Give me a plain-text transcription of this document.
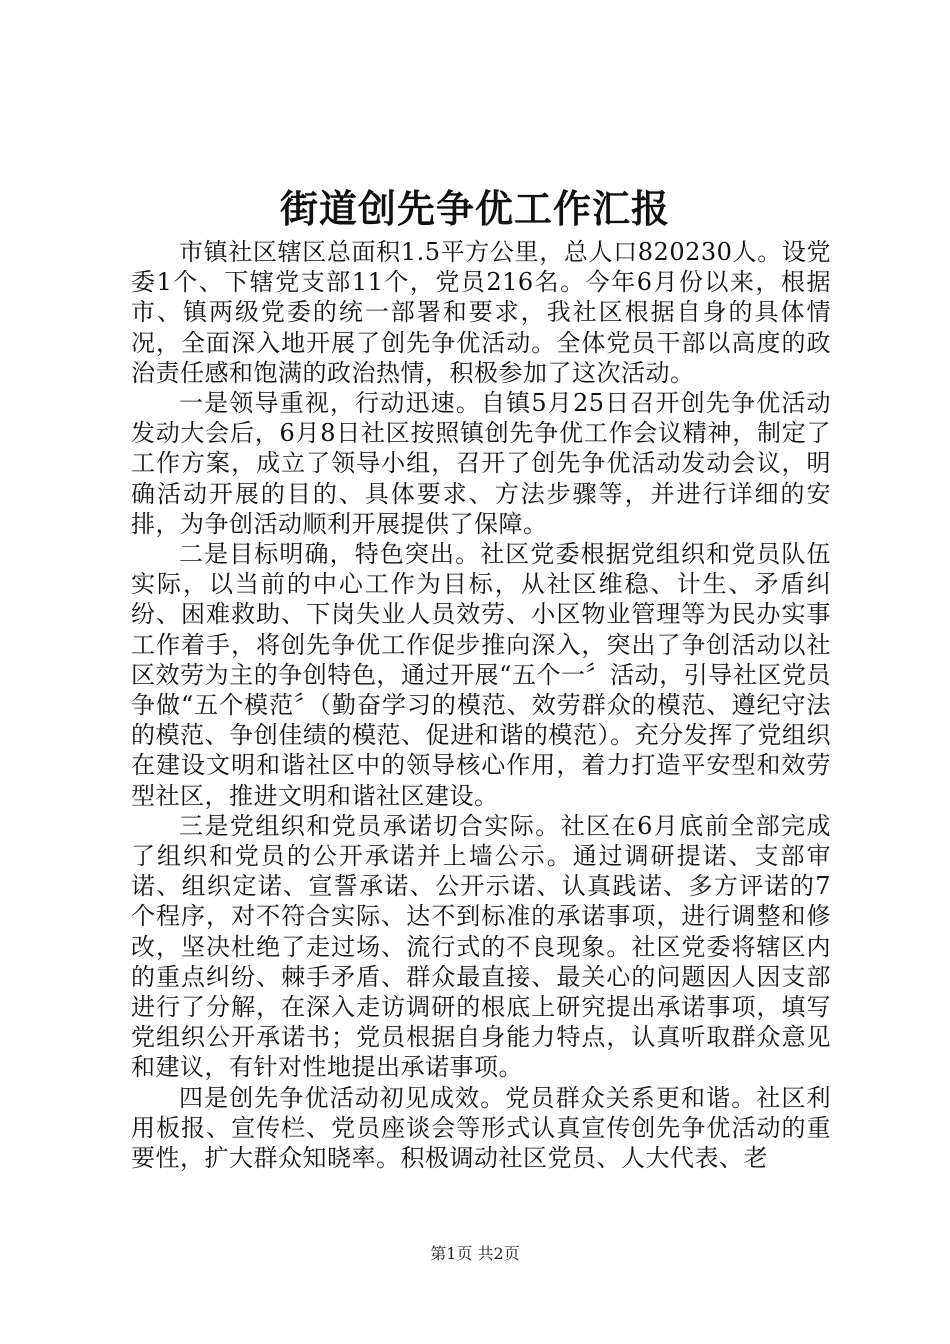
街道创先争优工作汇报

市镇社区辖区总面积1.5平方公里，总人口820230人。设党委1个、下辖党支部11个，党员216名。今年6月份以来，根据市、镇两级党委的统一部署和要求，我社区根据自身的具体情况，全面深入地开展了创先争优活动。全体党员干部以高度的政治责任感和饱满的政治热情，积极参加了这次活动。

一是领导重视，行动迅速。自镇5月25日召开创先争优活动发动大会后，6月8日社区按照镇创先争优工作会议精神，制定了工作方案，成立了领导小组，召开了创先争优活动发动会议，明确活动开展的目的、具体要求、方法步骤等，并进行详细的安排，为争创活动顺利开展提供了保障。

二是目标明确，特色突出。社区党委根据党组织和党员队伍实际，以当前的中心工作为目标，从社区维稳、计生、矛盾纠纷、困难救助、下岗失业人员效劳、小区物业管理等为民办实事工作着手，将创先争优工作促步推向深入，突出了争创活动以社区效劳为主的争创特色，通过开展“五个一〞活动，引导社区党员争做“五个模范〞（勤奋学习的模范、效劳群众的模范、遵纪守法的模范、争创佳绩的模范、促进和谐的模范）。充分发挥了党组织在建设文明和谐社区中的领导核心作用，着力打造平安型和效劳型社区，推进文明和谐社区建设。

三是党组织和党员承诺切合实际。社区在6月底前全部完成了组织和党员的公开承诺并上墙公示。通过调研提诺、支部审诺、组织定诺、宣誓承诺、公开示诺、认真践诺、多方评诺的7个程序，对不符合实际、达不到标准的承诺事项，进行调整和修改，坚决杜绝了走过场、流行式的不良现象。社区党委将辖区内的重点纠纷、棘手矛盾、群众最直接、最关心的问题因人因支部进行了分解，在深入走访调研的根底上研究提出承诺事项，填写党组织公开承诺书；党员根据自身能力特点，认真听取群众意见和建议，有针对性地提出承诺事项。

四是创先争优活动初见成效。党员群众关系更和谐。社区利用板报、宣传栏、党员座谈会等形式认真宣传创先争优活动的重要性，扩大群众知晓率。积极调动社区党员、人大代表、老

第1页 共2页
